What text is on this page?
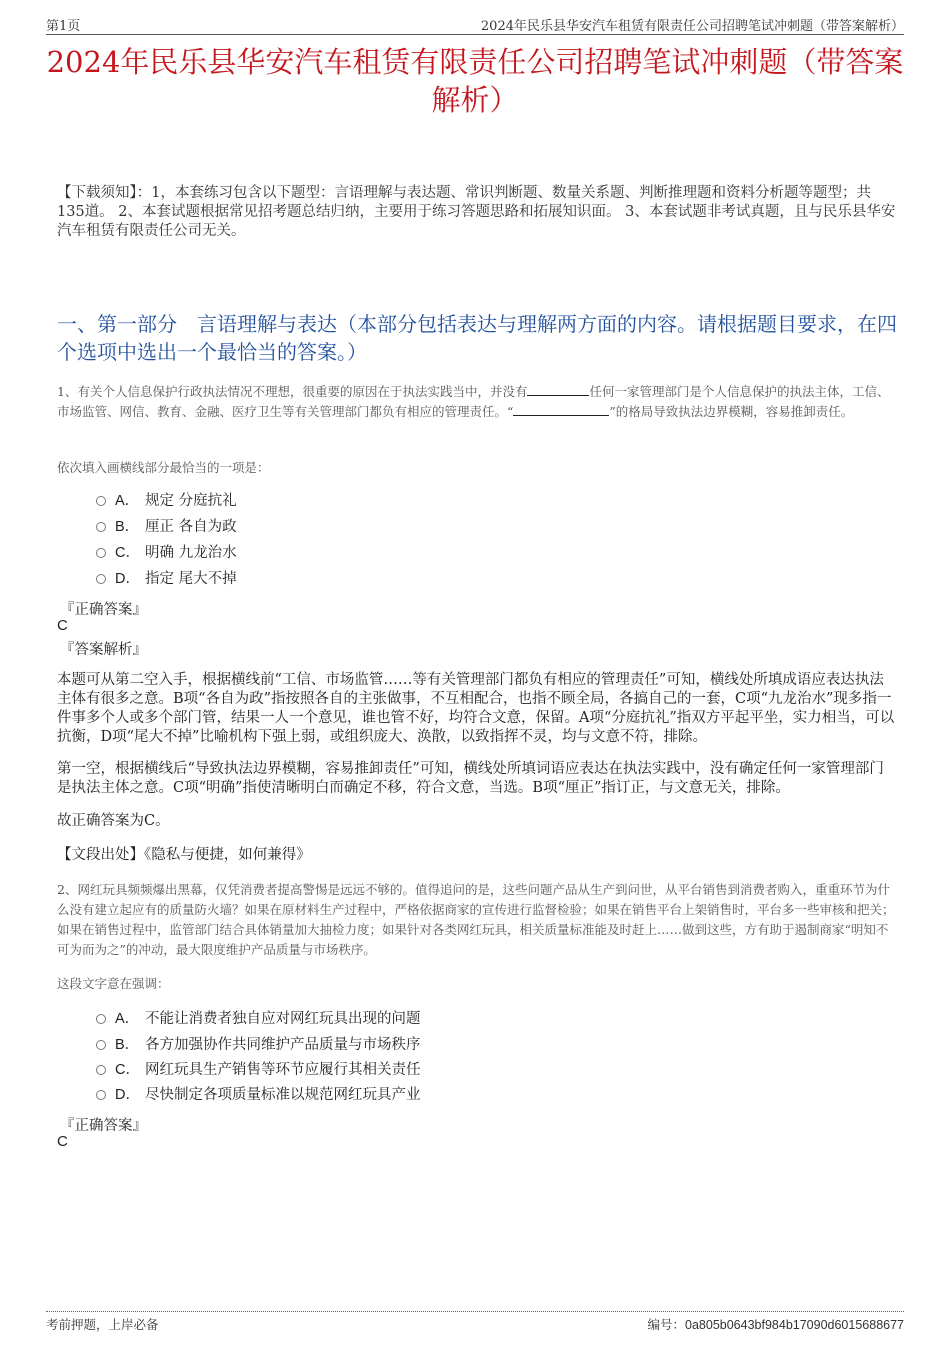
第1页	2024年民乐县华安汽车租赁有限责任公司招聘笔试冲刺题（带答案解析）
2024年民乐县华安汽车租赁有限责任公司招聘笔试冲刺题（带答案解析）

【下载须知】：1，本套练习包含以下题型：言语理解与表达题、常识判断题、数量关系题、判断推理题和资料分析题等题型；共135道。 2、本套试题根据常见招考题总结归纳，主要用于练习答题思路和拓展知识面。 3、本套试题非考试真题，且与民乐县华安汽车租赁有限责任公司无关。

一、第一部分　言语理解与表达（本部分包括表达与理解两方面的内容。请根据题目要求，在四个选项中选出一个最恰当的答案。）

1、有关个人信息保护行政执法情况不理想，很重要的原因在于执法实践当中，并没有	任何一家管理部门是个人信息保护的执法主体，工信、市场监管、网信、教育、金融、医疗卫生等有关管理部门都负有相应的管理责任。“	”的格局导致执法边界模糊，容易推卸责任。

依次填入画横线部分最恰当的一项是：

A． 规定 分庭抗礼
B． 厘正 各自为政
C． 明确 九龙治水
D． 指定 尾大不掉
『正确答案』
C
『答案解析』

本题可从第二空入手，根据横线前“工信、市场监管……等有关管理部门都负有相应的管理责任”可知，横线处所填成语应表达执法主体有很多之意。B项“各自为政”指按照各自的主张做事，不互相配合，也指不顾全局，各搞自己的一套，C项“九龙治水”现多指一件事多个人或多个部门管，结果一人一个意见，谁也管不好，均符合文意，保留。A项“分庭抗礼”指双方平起平坐，实力相当，可以抗衡，D项“尾大不掉”比喻机构下强上弱，或组织庞大、涣散，以致指挥不灵，均与文意不符，排除。

第一空，根据横线后“导致执法边界模糊，容易推卸责任”可知，横线处所填词语应表达在执法实践中，没有确定任何一家管理部门是执法主体之意。C项“明确”指使清晰明白而确定不移，符合文意，当选。B项“厘正”指订正，与文意无关，排除。

故正确答案为C。

【文段出处】《隐私与便捷，如何兼得》

2、网红玩具频频爆出黑幕，仅凭消费者提高警惕是远远不够的。值得追问的是，这些问题产品从生产到问世，从平台销售到消费者购入，重重环节为什么没有建立起应有的质量防火墙？如果在原材料生产过程中，严格依据商家的宣传进行监督检验；如果在销售平台上架销售时，平台多一些审核和把关；如果在销售过程中，监管部门结合具体销量加大抽检力度；如果针对各类网红玩具，相关质量标准能及时赶上……做到这些，方有助于遏制商家“明知不可为而为之”的冲动，最大限度维护产品质量与市场秩序。

这段文字意在强调：

A． 不能让消费者独自应对网红玩具出现的问题
B． 各方加强协作共同维护产品质量与市场秩序
C． 网红玩具生产销售等环节应履行其相关责任
D． 尽快制定各项质量标准以规范网红玩具产业
『正确答案』
C
考前押题，上岸必备	编号：0a805b0643bf984b17090d6015688677
